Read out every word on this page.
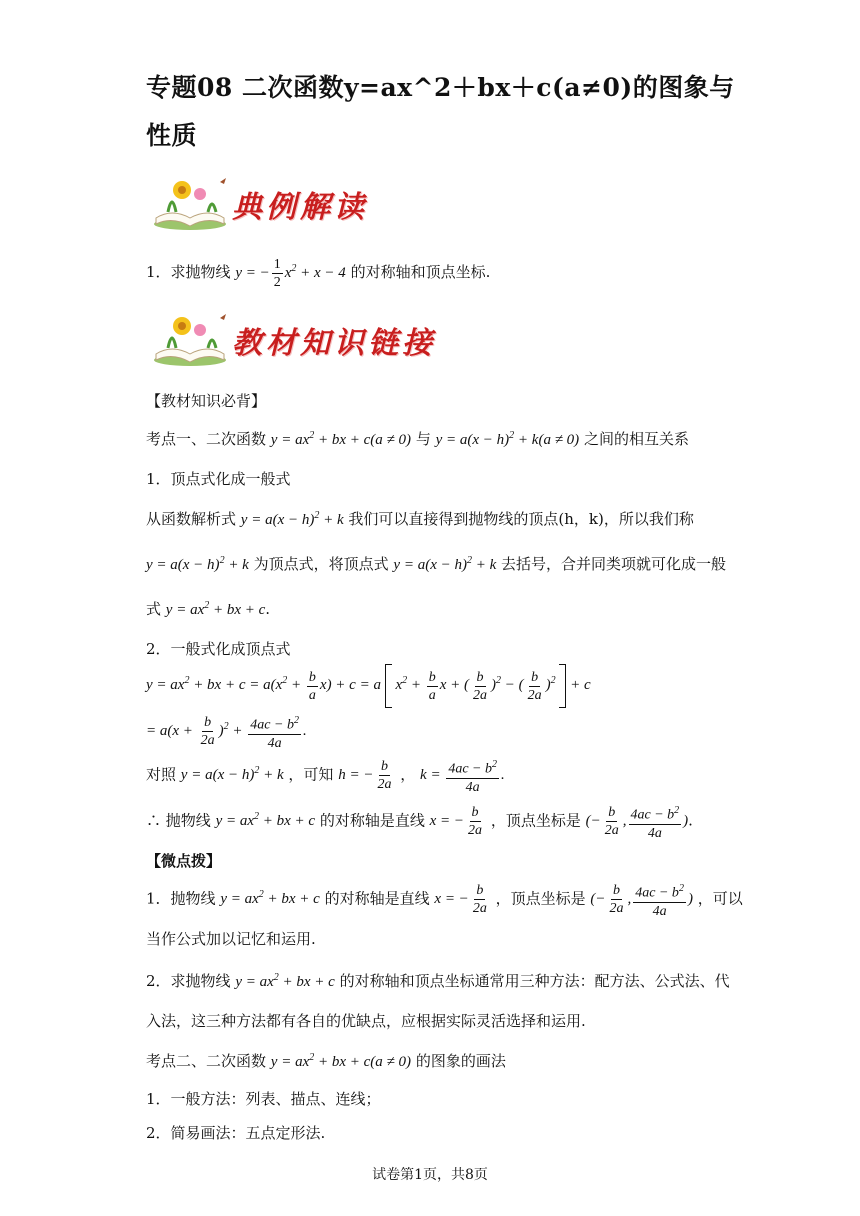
专题08 二次函数y=ax^2＋bx＋c(a≠0)的图象与
性质
典例解读
1．求抛物线 y = − $\frac{1}{2} x^2 + x - 4$ 的对称轴和顶点坐标.
教材知识链接
【教材知识必背】
考点一、二次函数 $y = ax^2$ + bx + c(a ≠ 0) 与 $y = a(x - h)^2 + k(a \ne 0)$ 之间的相互关系
1．顶点式化成一般式
从函数解析式 $y = a(x - h)^2 + k$ 我们可以直接得到抛物线的顶点(h，k)，所以我们称
$y = a(x - h)^2 + k$ 为顶点式，将顶点式 $y = a(x - h)^2 + k$ 去括号，合并同类项就可化成一般
式 $y = ax^2$ + bx + c.
2．一般式化成顶点式
$y = ax^2$ + bx + $c = a(x^2 + \frac{b}{a} x) + c = a$  $x^2 + \frac{b}{a}$ x + ( $\frac{b}{2a} )^2$ − ( $\frac{b}{2a} )^2 + c$
= $a(x + \frac{b}{2a} )^2 + \frac{4ac - b^2}{4a}$ .
对照 $y = a(x - h)^2 + k$ ，可知 h = − $\frac{b}{2a}$ ， $k = \frac{4ac - b^2}{4a}$ .
∴ 抛物线 $y = ax^2$ + bx + c 的对称轴是直线 x = − $\frac{b}{2a}$ ，顶点坐标是 (− $\frac{b}{2a}$ , $\frac{4ac - b^2}{4a}$ ).
【微点拨】
1．抛物线 $y = ax^2$ + bx + c 的对称轴是直线 x = − $\frac{b}{2a}$ ，顶点坐标是 (− $\frac{b}{2a}$ , $\frac{4ac - b^2}{4a}$ ) ，可以
当作公式加以记忆和运用.
2．求抛物线 $y = ax^2$ + bx + c 的对称轴和顶点坐标通常用三种方法：配方法、公式法、代
入法，这三种方法都有各自的优缺点，应根据实际灵活选择和运用.
考点二、二次函数 $y = ax^2$ + bx + c(a ≠ 0) 的图象的画法
1．一般方法：列表、描点、连线；
2．简易画法：五点定形法.
试卷第1页，共8页
